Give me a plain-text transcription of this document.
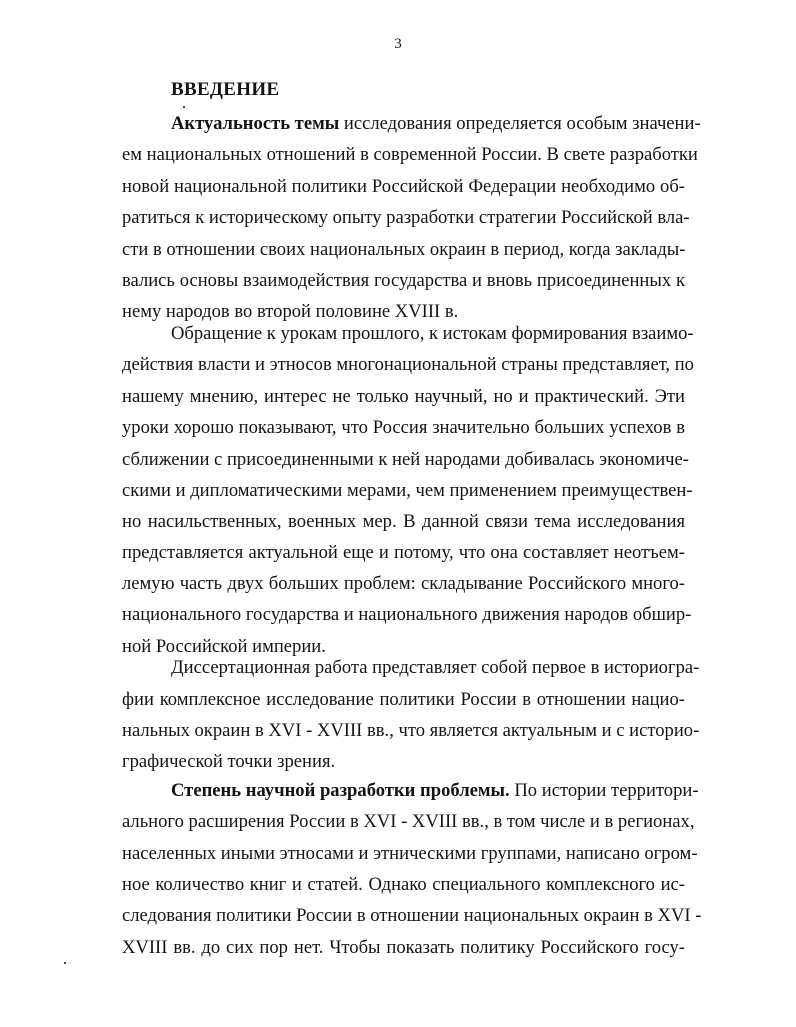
3
ВВЕДЕНИЕ
Актуальность темы исследования определяется особым значени-
ем национальных отношений в современной России. В свете разработки
новой национальной политики Российской Федерации необходимо об-
ратиться к историческому опыту разработки стратегии Российской вла-
сти в отношении своих национальных окраин в период, когда заклады-
вались основы взаимодействия государства и вновь присоединенных к
нему народов во второй половине XVIII в.
Обращение к урокам прошлого, к истокам формирования взаимо-
действия власти и этносов многонациональной страны представляет, по
нашему мнению, интерес не только научный, но и практический. Эти
уроки хорошо показывают, что Россия значительно больших успехов в
сближении с присоединенными к ней народами добивалась экономиче-
скими и дипломатическими мерами, чем применением преимуществен-
но насильственных, военных мер. В данной связи тема исследования
представляется актуальной еще и потому, что она составляет неотъем-
лемую часть двух больших проблем: складывание Российского много-
национального государства и национального движения народов обшир-
ной Российской империи.
Диссертационная работа представляет собой первое в историогра-
фии комплексное исследование политики России в отношении нацио-
нальных окраин в XVI - XVIII вв., что является актуальным и с историо-
графической точки зрения.
Степень научной разработки проблемы. По истории территори-
ального расширения России в XVI - XVIII вв., в том числе и в регионах,
населенных иными этносами и этническими группами, написано огром-
ное количество книг и статей. Однако специального комплексного ис-
следования политики России в отношении национальных окраин в XVI -
XVIII вв. до сих пор нет. Чтобы показать политику Российского госу-
